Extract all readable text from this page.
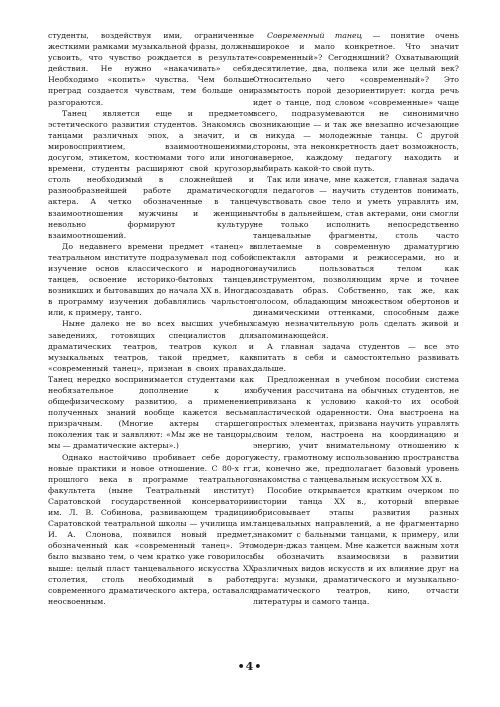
студенты, воздействуя ими, ограниченные жесткими рамками музыкальной фразы, должны усвоить, что чувство рождается в результате действия. Не нужно «накачивать» себя. Необходимо «копить» чувства. Чем больше преград создается чувствам, тем больше они разгораются.

Танец является еще и предметом эстетического развития студентов. Знакомясь с танцами различных эпох, а значит, и с мировосприятием, взаимоотношениями, досугом, этикетом, костюмами того или иного времени, студенты расширяют свой кругозор, столь необходимый в сложнейшей и разнообразнейшей работе драматического актера. А четко обозначенные в танце взаимоотношения мужчины и женщины невольно формируют культуру взаимоотношений.

До недавнего времени предмет «танец» в театральном институте подразумевал под собой изучение основ классического и народного танцев, освоение историко-бытовых танцев, возникших и бытовавших до начала XX в. Иногда в программу изучения добавлялись чарльстон или, к примеру, танго.

Ныне далеко не во всех высших учебных заведениях, готовящих специалистов для драматических театров, театров кукол и музыкальных театров, такой предмет, как «современный танец», признан в своих правах. Танец нередко воспринимается студентами как необязательное дополнение к их общефизическому развитию, а применение полученных знаний вообще кажется весьма призрачным. (Многие актеры старшего поколения так и заявляют: «Мы же не танцоры, мы — драматические актеры».)

Однако настойчиво пробивает себе дорогу новые практики и новое отношение. С 80-х гг. прошлого века в программе театрального факультета (ныне Театральный институт) Саратовской государственной консерватории им. Л. В. Собинова, развивающем традиции Саратовской театральной школы — училища им. И. А. Слонова, появился новый предмет, обозначенный как «современный танец». Это было вызвано тем, о чем кратко уже говорилось выше: целый пласт танцевального искусства XX столетия, столь необходимый в работе современного драматического актера, оставался неосвоенным.

Современный танец — понятие очень широкое и мало конкретное. Что значит «современный»? Сегодняшний? Охватывающий десятилетие, два, полвека или же целый век? Относительно чего «современный»? Это размытость порой дезориентирует: когда речь идет о танце, под словом «современные» чаще всего, подразумеваются не синонимично возникающие — и так же внезапно исчезающие в никуда — молодежные танцы. С другой стороны, эта неконкретность дает возможность, наверное, каждому педагогу находить и выбирать какой-то свой путь.

Так или иначе, мне кажется, главная задача для педагогов — научить студентов понимать, чувствовать свое тело и уметь управлять им, чтобы в дальнейшем, став актерами, они смогли не только исполнить непосредственно танцевальные фрагменты, столь часто вплетаемые в современную драматургию спектакля авторами и режиссерами, но и научились пользоваться телом как инструментом, позволяющим ярче и точнее создавать образ. Собственно, так же, как голосом, обладающим множеством обертонов и динамическими оттенками, способным даже самую незначительную роль сделать живой и запоминающейся.

А главная задача студентов — все это впитать в себя и самостоятельно развивать дальше.

Предложенная в учебном пособии система обучения рассчитана на обычных студентов, не привязана к условию какой-то их особой пластической одаренности. Она выстроена на простых элементах, призвана научить управлять своим телом, настроена на координацию и энергию, учит внимательному отношению к жесту, грамотному использованию пространства и, конечно же, предполагает базовый уровень знакомства с танцевальным искусством XX в.

Пособие открывается кратким очерком по истории танца XX в., который впервые обрисовывает этапы развития разных танцевальных направлений, а не фрагментарно знакомит с бальными танцами, к примеру, или модерн-джаз танцем. Мне кажется важным хотя бы обозначить взаимосвязи в развитии различных видов искусств и их влияние друг на друга: музыки, драматического и музыкально-драматического театров, кино, отчасти литературы и самого танца.

•4•
